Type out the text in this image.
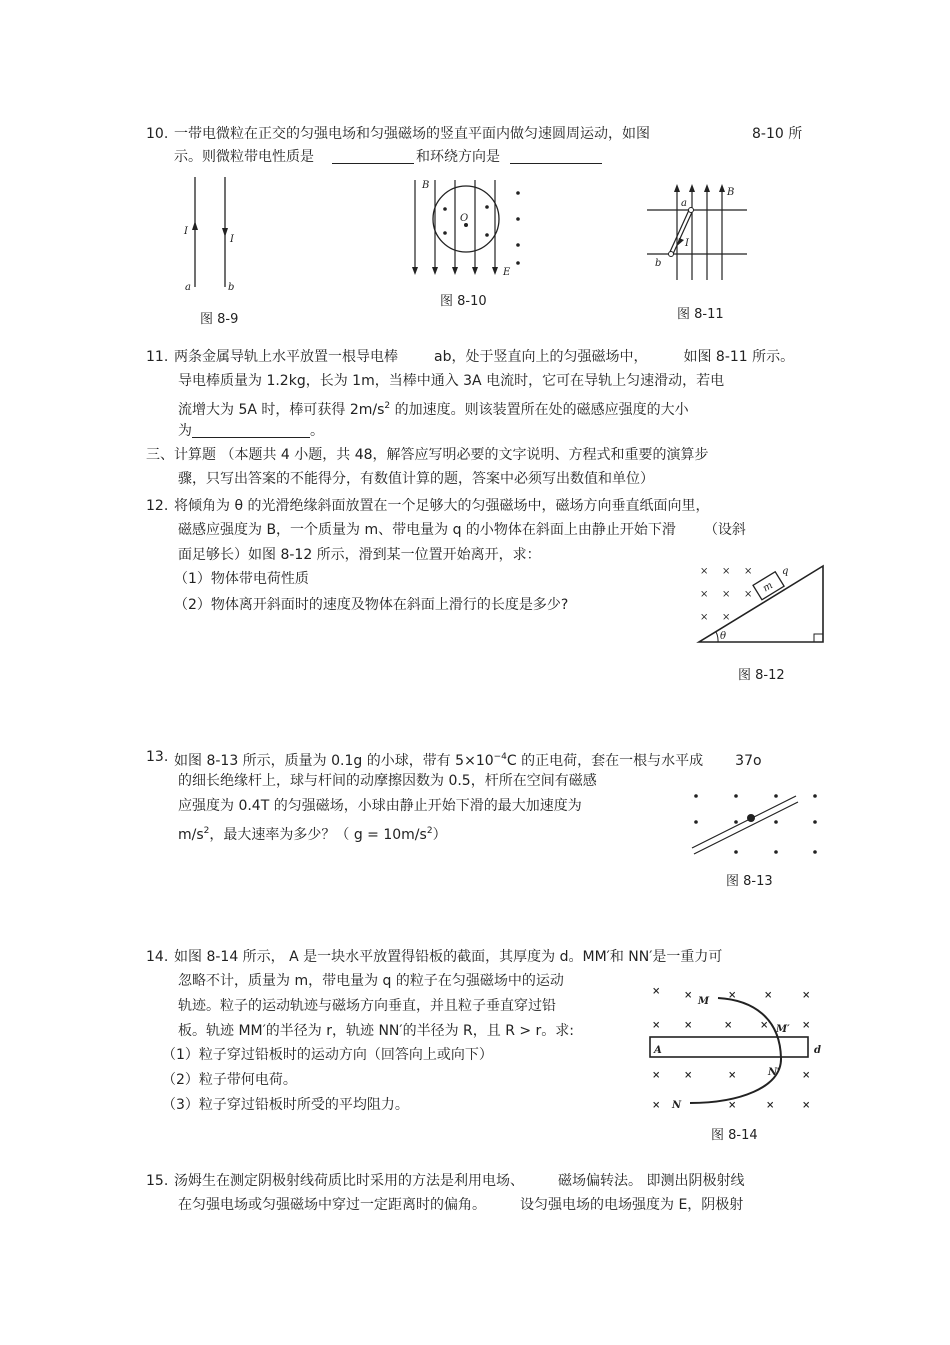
10. 一带电微粒在正交的匀强电场和匀强磁场的竖直平面内做匀速圆周运动，如图	8-10 所
示。则微粒带电性质是	和环绕方向是
I
I
a	b
图 8-9
B
O
E
图 8-10
B
a
I
b
图 8-11
11. 两条金属导轨上水平放置一根导电棒	ab，处于竖直向上的匀强磁场中，	如图 8-11 所示。
导电棒质量为 1.2kg，长为 1m，当棒中通入 3A 电流时，它可在导轨上匀速滑动，若电
流增大为 5A 时，棒可获得 $2m/s^2$ 的加速度。则该装置所在处的磁感应强度的大小
为	。
三、计算题 （本题共 4 小题，共 48，解答应写明必要的文字说明、方程式和重要的演算步
骤，只写出答案的不能得分，有数值计算的题，答案中必须写出数值和单位）
12. 将倾角为 θ 的光滑绝缘斜面放置在一个足够大的匀强磁场中，磁场方向垂直纸面向里，
磁感应强度为 B，一个质量为 m、带电量为 q 的小物体在斜面上由静止开始下滑 （设斜
面足够长）如图 8-12 所示，滑到某一位置开始离开，求：
（1）物体带电荷性质
（2）物体离开斜面时的速度及物体在斜面上滑行的长度是多少?
m
q
θ
× × ×
× × ×
× ×
图 8-12
13. 如图 8-13 所示，质量为 0.1g 的小球，带有 $5\times 10^{-4}C$ 的正电荷，套在一根与水平成 37o
的细长绝缘杆上，球与杆间的动摩擦因数为 0.5，杆所在空间有磁感
应强度为 0.4T 的匀强磁场，小球由静止开始下滑的最大加速度为
$m/s^2$，最大速率为多少？（ $g = 10m/s^2$）
图 8-13
14. 如图 8-14 所示， A 是一块水平放置得铅板的截面，其厚度为 d。MM′和 NN′是一重力可
忽略不计，质量为 m，带电量为 q 的粒子在匀强磁场中的运动
轨迹。粒子的运动轨迹与磁场方向垂直，并且粒子垂直穿过铅
板。轨迹 MM′的半径为 r，轨迹 NN′的半径为 R，且 R > r。求:
（1）粒子穿过铅板时的运动方向（回答向上或向下）
（2）粒子带何电荷。
（3）粒子穿过铅板时所受的平均阻力。
A	d
M
M′
N
N′
× ×	×	×	×
× ×	×	×	×
× ×	×	×
×	×	×	×
图 8-14
15. 汤姆生在测定阴极射线荷质比时采用的方法是利用电场、 磁场偏转法。 即测出阴极射线
在匀强电场或匀强磁场中穿过一定距离时的偏角。 设匀强电场的电场强度为 E，阴极射
